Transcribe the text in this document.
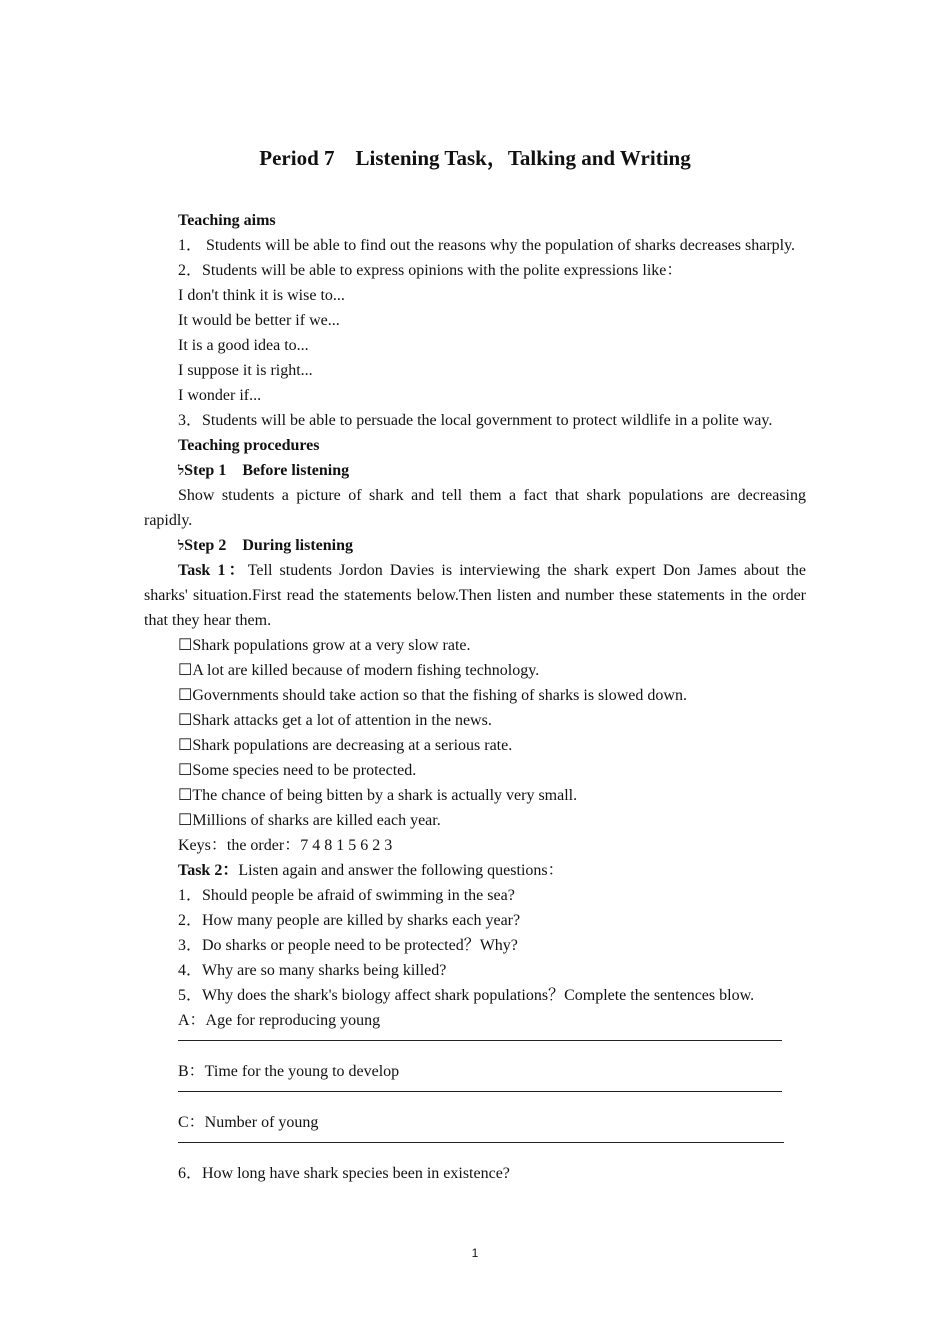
Period 7　Listening Task，Talking and Writing
Teaching aims
1． Students will be able to find out the reasons why the population of sharks decreases sharply.
2．Students will be able to express opinions with the polite expressions like：
I don't think it is wise to...
It would be better if we...
It is a good idea to...
I suppose it is right...
I wonder if...
3．Students will be able to persuade the local government to protect wildlife in a polite way.
Teaching procedures
לStep 1　Before listening
Show students a picture of shark and tell them a fact that shark populations are decreasing rapidly.
לStep 2　During listening
Task 1：Tell students Jordon Davies is interviewing the shark expert Don James about the sharks' situation.First read the statements below.Then listen and number these statements in the order that they hear them.
☐Shark populations grow at a very slow rate.
☐A lot are killed because of modern fishing technology.
☐Governments should take action so that the fishing of sharks is slowed down.
☐Shark attacks get a lot of attention in the news.
☐Shark populations are decreasing at a serious rate.
☐Some species need to be protected.
☐The chance of being bitten by a shark is actually very small.
☐Millions of sharks are killed each year.
Keys：the order：7 4 8 1 5 6 2 3
Task 2：Listen again and answer the following questions：
1．Should people be afraid of swimming in the sea?
2．How many people are killed by sharks each year?
3．Do sharks or people need to be protected？Why?
4．Why are so many sharks being killed?
5．Why does the shark's biology affect shark populations？Complete the sentences blow.
A：Age for reproducing young
B：Time for the young to develop
C：Number of young
6．How long have shark species been in existence?
1
